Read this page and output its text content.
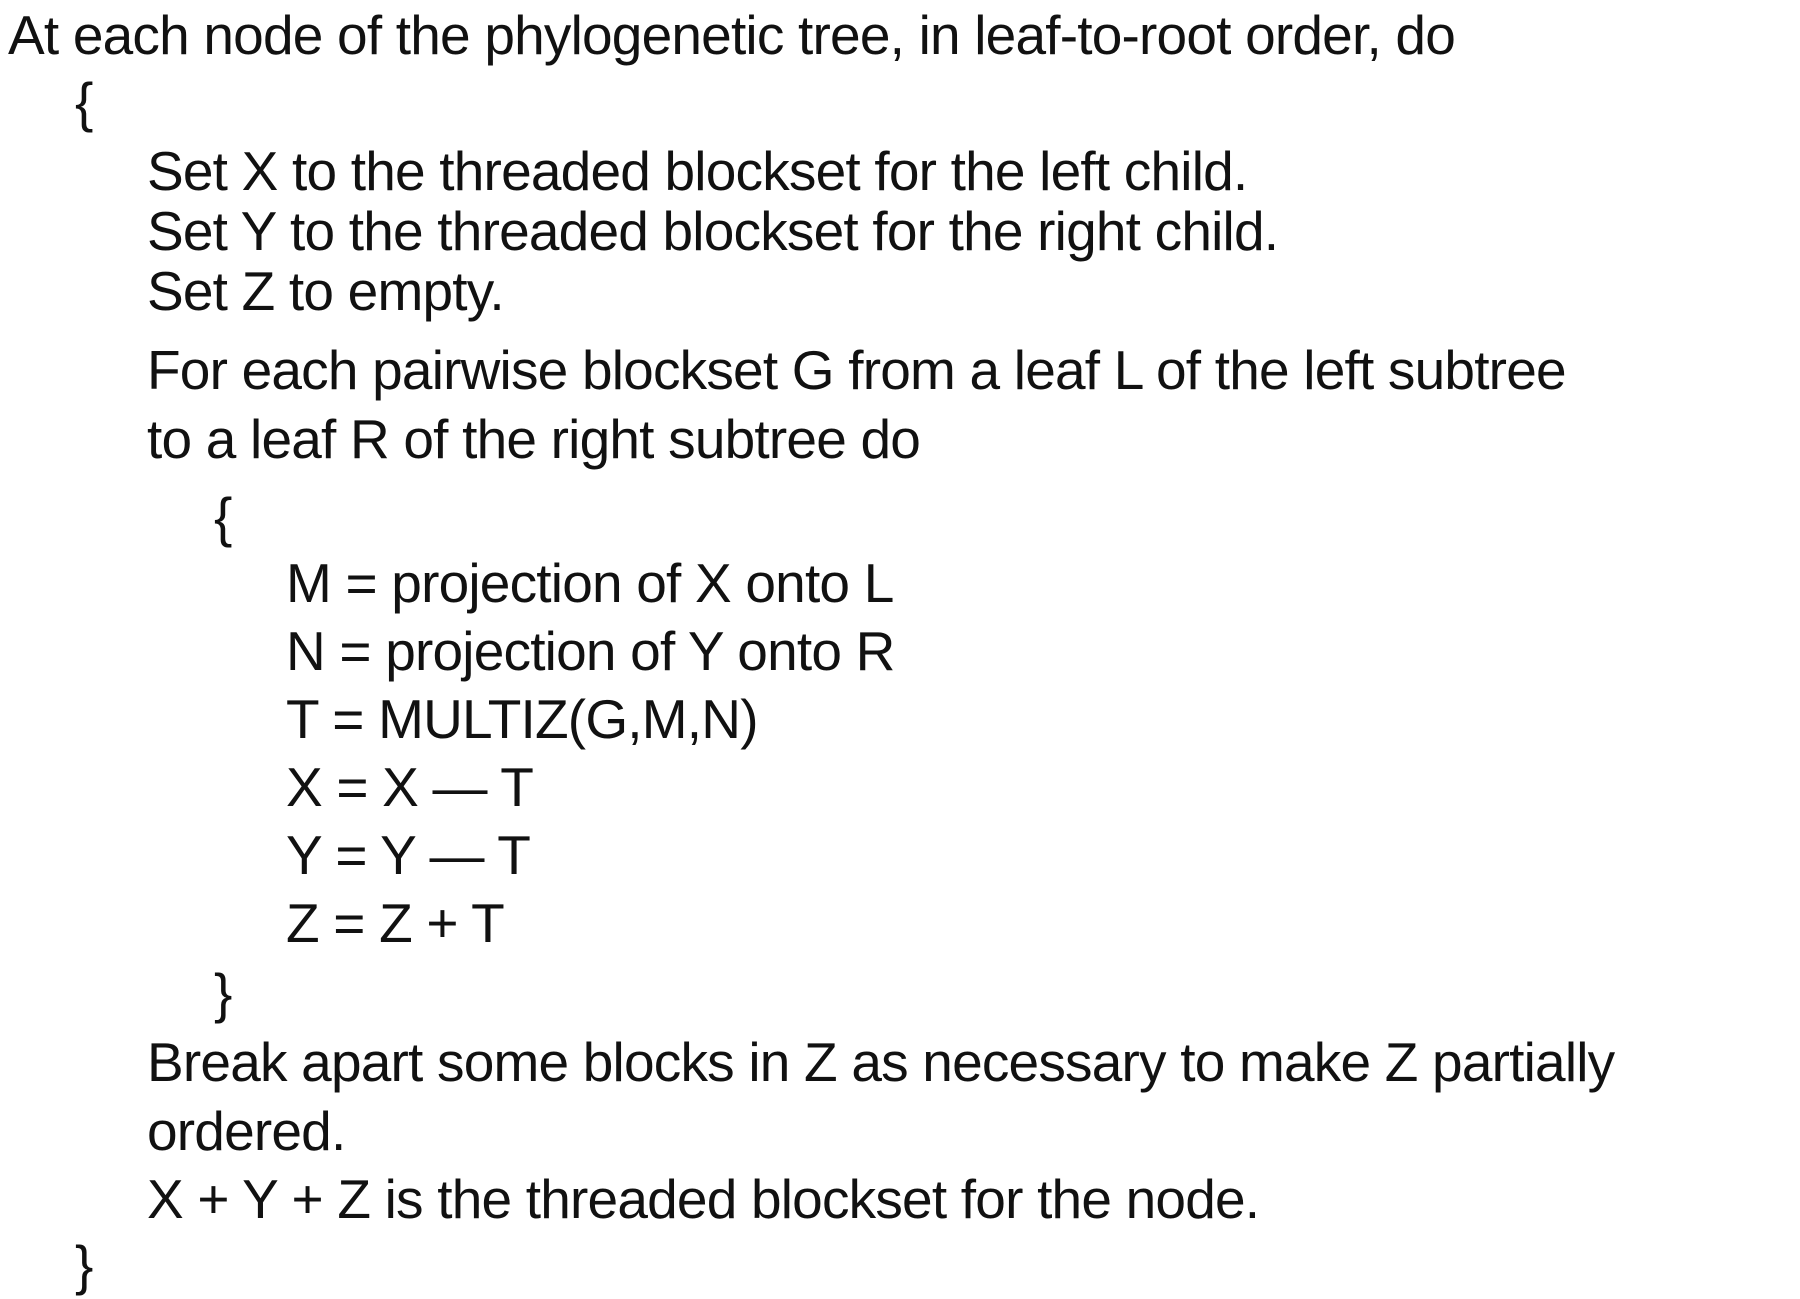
At each node of the phylogenetic tree, in leaf-to-root order, do
{
Set X to the threaded blockset for the left child.
Set Y to the threaded blockset for the right child.
Set Z to empty.
For each pairwise blockset G from a leaf L of the left subtree
to a leaf R of the right subtree do
{
M = projection of X onto L
N = projection of Y onto R
T = MULTIZ(G,M,N)
X = X — T
Y = Y — T
Z = Z + T
}
Break apart some blocks in Z as necessary to make Z partially
ordered.
X + Y + Z is the threaded blockset for the node.
}
